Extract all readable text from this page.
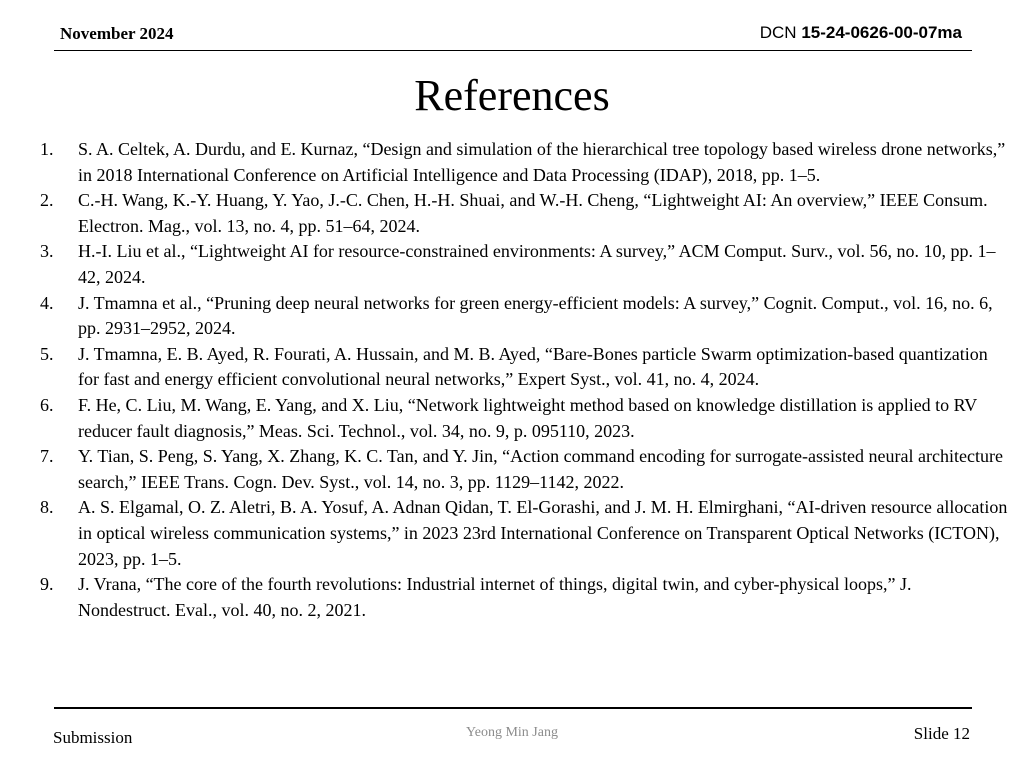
November 2024	DCN 15-24-0626-00-07ma
References
1.	S. A. Celtek, A. Durdu, and E. Kurnaz, “Design and simulation of the hierarchical tree topology based wireless drone networks,” in 2018 International Conference on Artificial Intelligence and Data Processing (IDAP), 2018, pp. 1–5.
2.	C.-H. Wang, K.-Y. Huang, Y. Yao, J.-C. Chen, H.-H. Shuai, and W.-H. Cheng, “Lightweight AI: An overview,” IEEE Consum. Electron. Mag., vol. 13, no. 4, pp. 51–64, 2024.
3.	H.-I. Liu et al., “Lightweight AI for resource-constrained environments: A survey,” ACM Comput. Surv., vol. 56, no. 10, pp. 1–42, 2024.
4.	J. Tmamna et al., “Pruning deep neural networks for green energy-efficient models: A survey,” Cognit. Comput., vol. 16, no. 6, pp. 2931–2952, 2024.
5.	J. Tmamna, E. B. Ayed, R. Fourati, A. Hussain, and M. B. Ayed, “Bare-Bones particle Swarm optimization-based quantization for fast and energy efficient convolutional neural networks,” Expert Syst., vol. 41, no. 4, 2024.
6.	F. He, C. Liu, M. Wang, E. Yang, and X. Liu, “Network lightweight method based on knowledge distillation is applied to RV reducer fault diagnosis,” Meas. Sci. Technol., vol. 34, no. 9, p. 095110, 2023.
7.	Y. Tian, S. Peng, S. Yang, X. Zhang, K. C. Tan, and Y. Jin, “Action command encoding for surrogate-assisted neural architecture search,” IEEE Trans. Cogn. Dev. Syst., vol. 14, no. 3, pp. 1129–1142, 2022.
8.	A. S. Elgamal, O. Z. Aletri, B. A. Yosuf, A. Adnan Qidan, T. El-Gorashi, and J. M. H. Elmirghani, “AI-driven resource allocation in optical wireless communication systems,” in 2023 23rd International Conference on Transparent Optical Networks (ICTON), 2023, pp. 1–5.
9.	J. Vrana, “The core of the fourth revolutions: Industrial internet of things, digital twin, and cyber-physical loops,” J. Nondestruct. Eval., vol. 40, no. 2, 2021.
Submission	Yeong Min Jang	Slide 12
